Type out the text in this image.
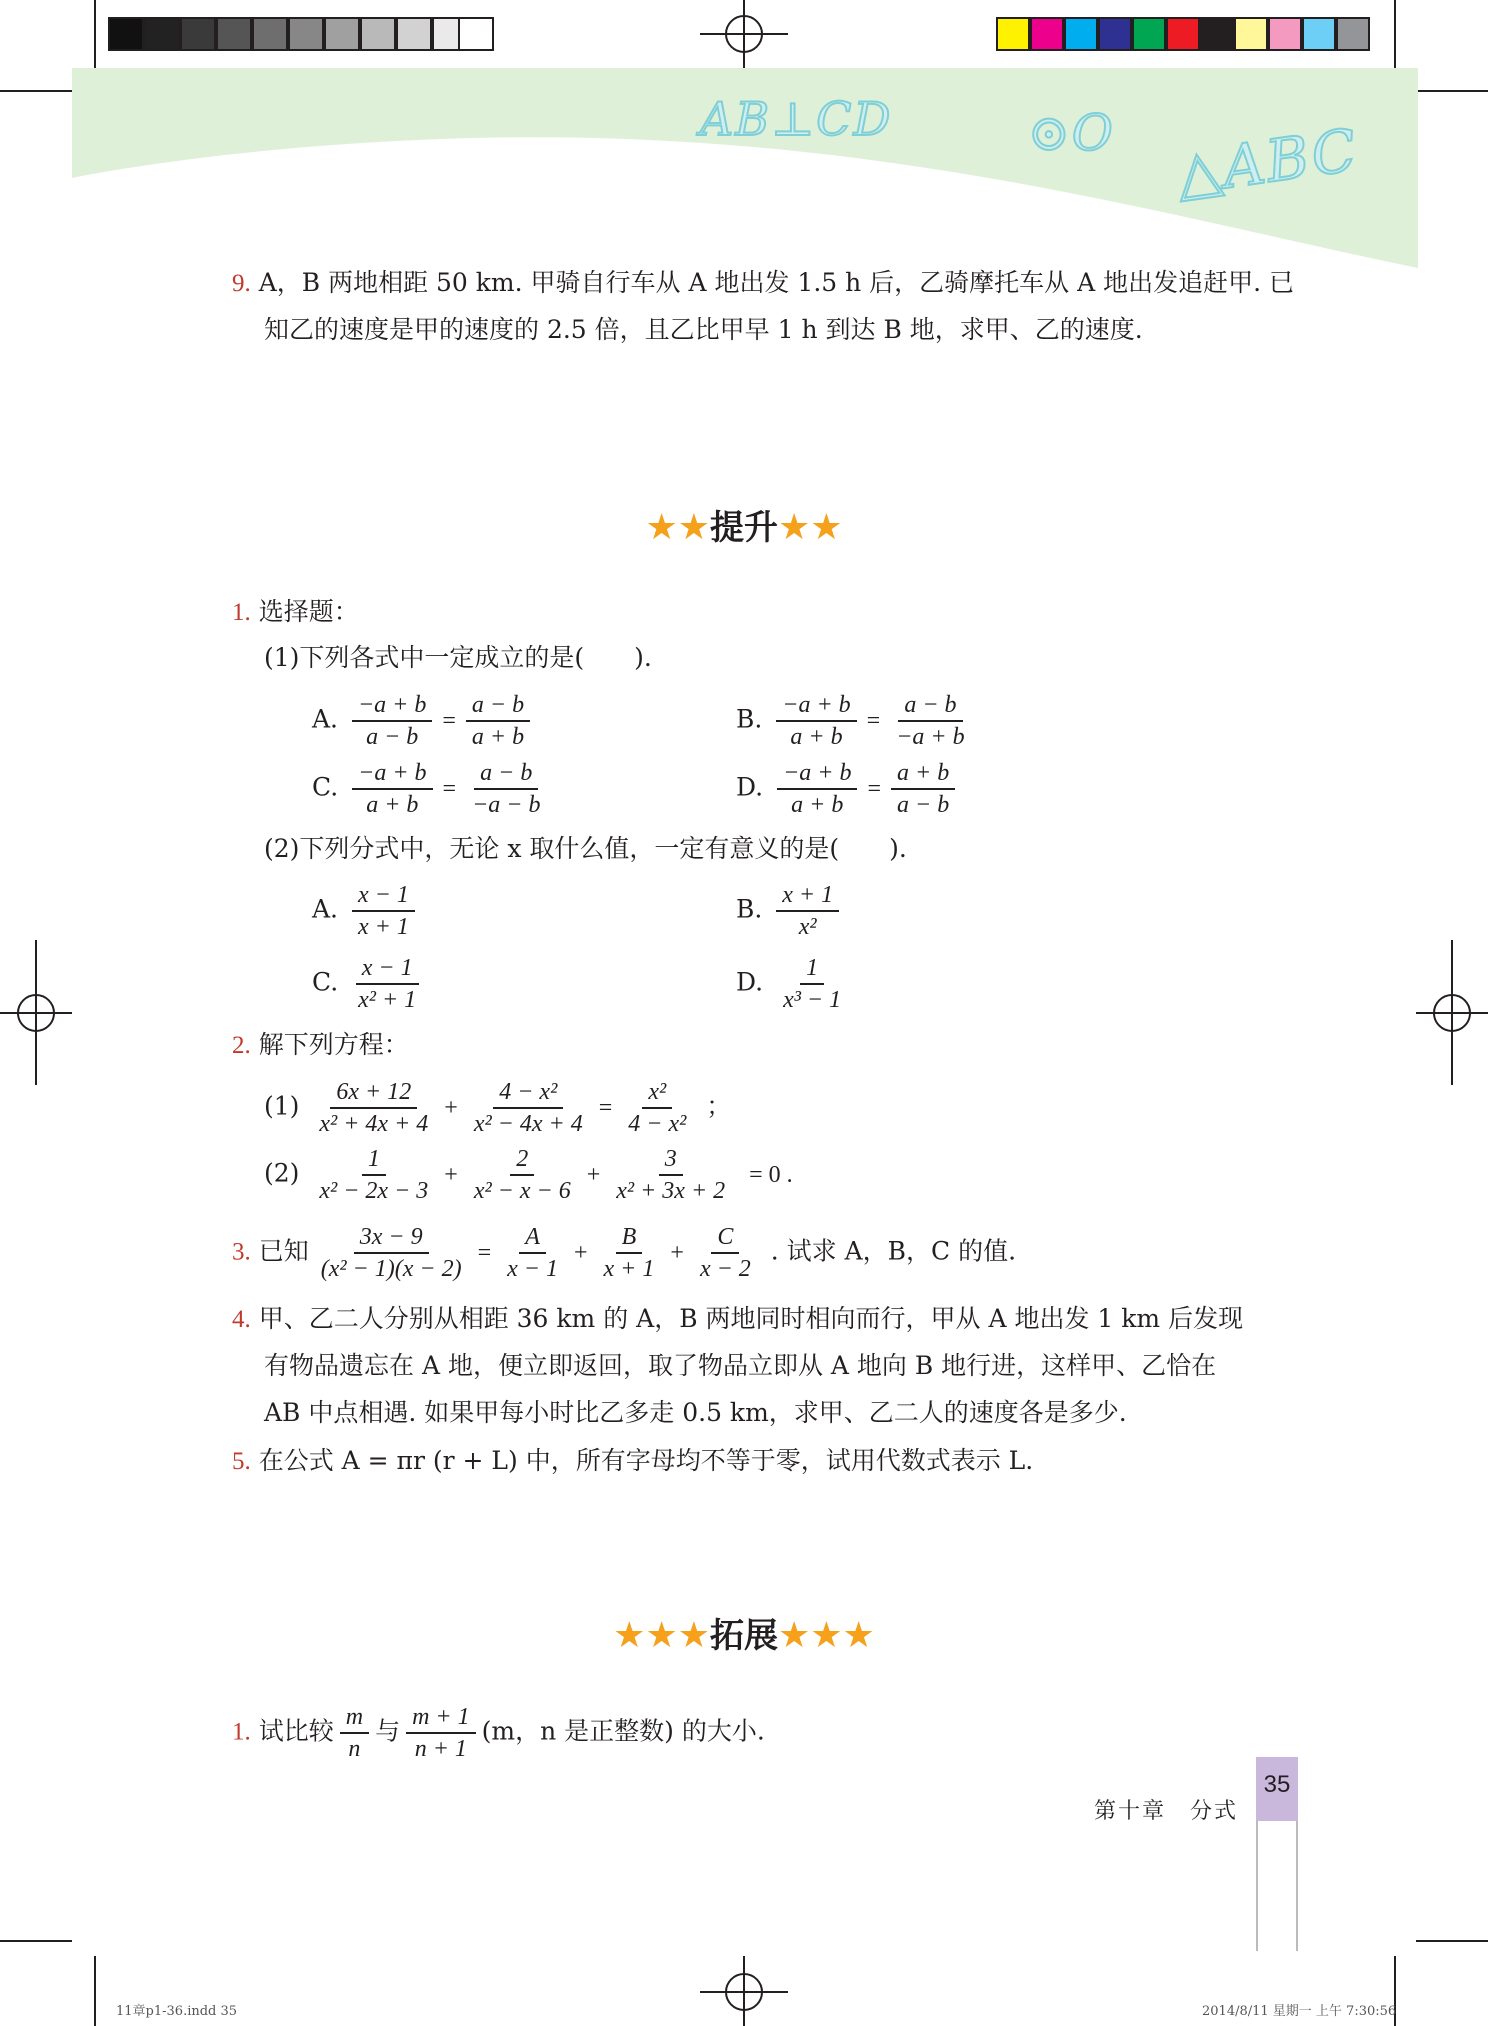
AB⊥CD	⊙O △ABC
9. A，B 两地相距 50 km. 甲骑自行车从 A 地出发 1.5 h 后，乙骑摩托车从 A 地出发追赶甲. 已
知乙的速度是甲的速度的 2.5 倍，且乙比甲早 1 h 到达 B 地，求甲、乙的速度.
★★提升★★
1. 选择题：
(1)下列各式中一定成立的是(　　).
A. $\frac{-a + b}{a - b} = \frac{a - b}{a + b}$	B. $\frac{-a + b}{a + b} = \frac{a - b}{-a + b}$
C. $\frac{-a + b}{a + b} = \frac{a - b}{-a - b}$	D. $\frac{-a + b}{a + b} = \frac{a + b}{a - b}$
(2)下列分式中，无论 x 取什么值，一定有意义的是(　　).
A. $\frac{x - 1}{x + 1}$	B. $\frac{x + 1}{\text{x²}}$
C. $\frac{x - 1}{\text{x² + 1}}$	D. $\frac{1}{\text{x³ − 1}}$
2. 解下列方程：
$(1) \frac{6x + 12}{\text{x² + 4x + 4}} + \frac{\text{4 − x²}}{\text{x² − 4x + 4}} = \frac{\text{x²}}{\text{4 − x²}}$ ；
$(2) \frac{1}{\text{x² − 2x − 3}} + \frac{2}{\text{x² − x − 6}} + \frac{3}{\text{x² + 3x + 2}} = 0$ .
3. 已知 $\frac{3x - 9}{\text{(x² − 1)(x − 2)}} = \frac{A}{x - 1} + \frac{B}{x + 1} + \frac{C}{x - 2}$ . 试求 A，B，C 的值.
4. 甲、乙二人分别从相距 36 km 的 A，B 两地同时相向而行，甲从 A 地出发 1 km 后发现
有物品遗忘在 A 地，便立即返回，取了物品立即从 A 地向 B 地行进，这样甲、乙恰在
AB 中点相遇. 如果甲每小时比乙多走 0.5 km，求甲、乙二人的速度各是多少.
5. 在公式 A = πr (r + L) 中，所有字母均不等于零，试用代数式表示 L.
★★★拓展★★★
1. 试比较 $\frac{m}{n}$ 与 $\frac{m + 1}{n + 1} (m$，n 是正整数) 的大小.
第十章　分式
35
11章p1-36.indd 35	2014/8/11 星期一 上午 7:30:56
